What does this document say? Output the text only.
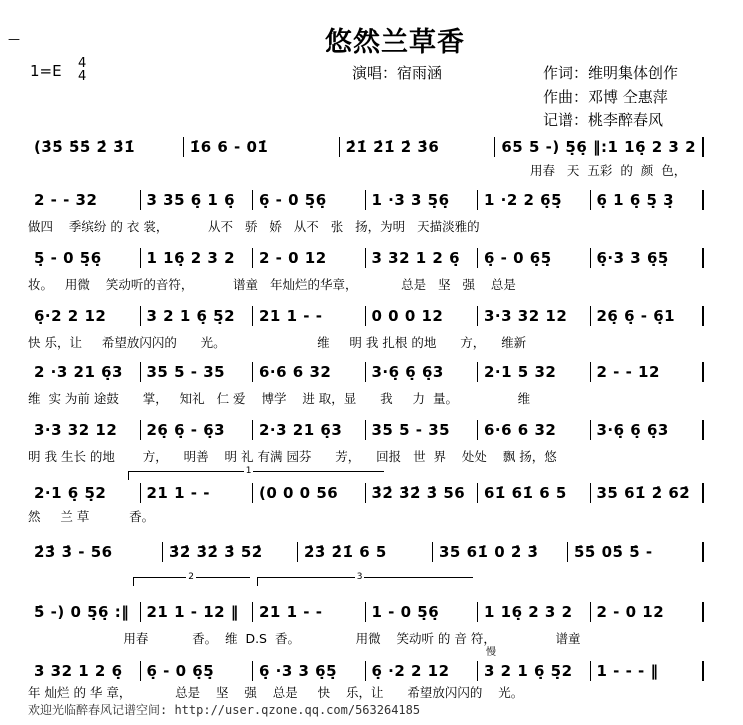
—	悠然兰草香
1=E 4
4	演唱：宿雨涵	作词：维明集体创作
作曲：邓博 仝惠萍
记谱：桃李醉春风
(3̇5̇ 5̇5̇ 2̇ 3̇1̇	1̇6 6 - 01̇	2̇1̇ 2̇1̇ 2̇ 3̇6	65 5 -) 5̣6̣ ‖:1 16̣ 2 3 2
用春   天  五彩  的  颜  色，
2 - - 32	3 35 6̣ 1 6̣	6̣ - 0 5̣6̣	1 ·3 3 5̣6̣	1 ·2 2 6̣5̣	6̣ 1 6̣ 5̣ 3̣
做四    季缤纷 的 衣 裳，          从不   骄   娇   从不   张   扬，为明   天描淡雅的
5̣ - 0 5̣6̣	1 16̣ 2 3 2	2 - 0 12	3 32 1 2 6̣	6̣ - 0 6̣5̣	6̣·3 3 6̣5̣
妆。   用微    笑动听的音符，          谱童   年灿烂的华章，           总是   坚   强    总是
6̣·2 2 12	3 2 1 6̣ 5̣2	21 1 - -	0 0 0 12	3·3 32 12	26̣ 6̣ - 6̣1
快 乐，让     希望放闪闪的      光。                       维     明 我 扎根 的地      方，    维新
2 ·3 21 6̣3	35 5 - 35	6·6 6 32	3·6̣ 6̣ 6̣3	2·1 5 32	2 - - 12
维  实 为前 途鼓      掌，   知礼   仁 爱    博学    进 取，显      我     力  量。               维
3·3 32 12	26̣ 6̣ - 6̣3	2·3 21 6̣3	35 5 - 35	6·6 6 32	3·6̣ 6̣ 6̣3
明 我 生长 的地       方，    明善    明 礼 有满 园芬      芳，    回报   世  界    处处    飘 扬，悠
2·1 6̣ 5̣2	21 1 - -	(0 0 0 56	3̇2̇ 3̇2̇ 3̇ 56	61̇ 61̇ 6 5	35 61̇ 2̇ 62̇
然     兰 草          香。
2̇3̇ 3̇ - 56	3̇2̇ 3̇2̇ 3̇ 52̇	2̇3̇ 2̇1̇ 6 5	35 61̇ 0 2̇ 3̇	5̇5̇ 05̇ 5̇ -
5̇ -) 0 5̣6̣ :‖	21 1 - 12 ‖	21 1 - -	1 - 0 5̣6̣	1 16̣ 2 3 2	2 - 0 12
用春           香。  维  D.S  香。              用微    笑动听 的 音 符，               谱童
3 32 1 2 6̣	6̣ - 0 6̣5̣	6̣ ·3 3 6̣5̣	6̣ ·2 2 12	3 2 1 6̣ 5̣2	1 - - - ‖
年 灿烂 的 华 章，           总是    坚    强    总是     快    乐，让      希望放闪闪的    光。
1
2	3
慢
欢迎光临醉春风记谱空间: http://user.qzone.qq.com/563264185
